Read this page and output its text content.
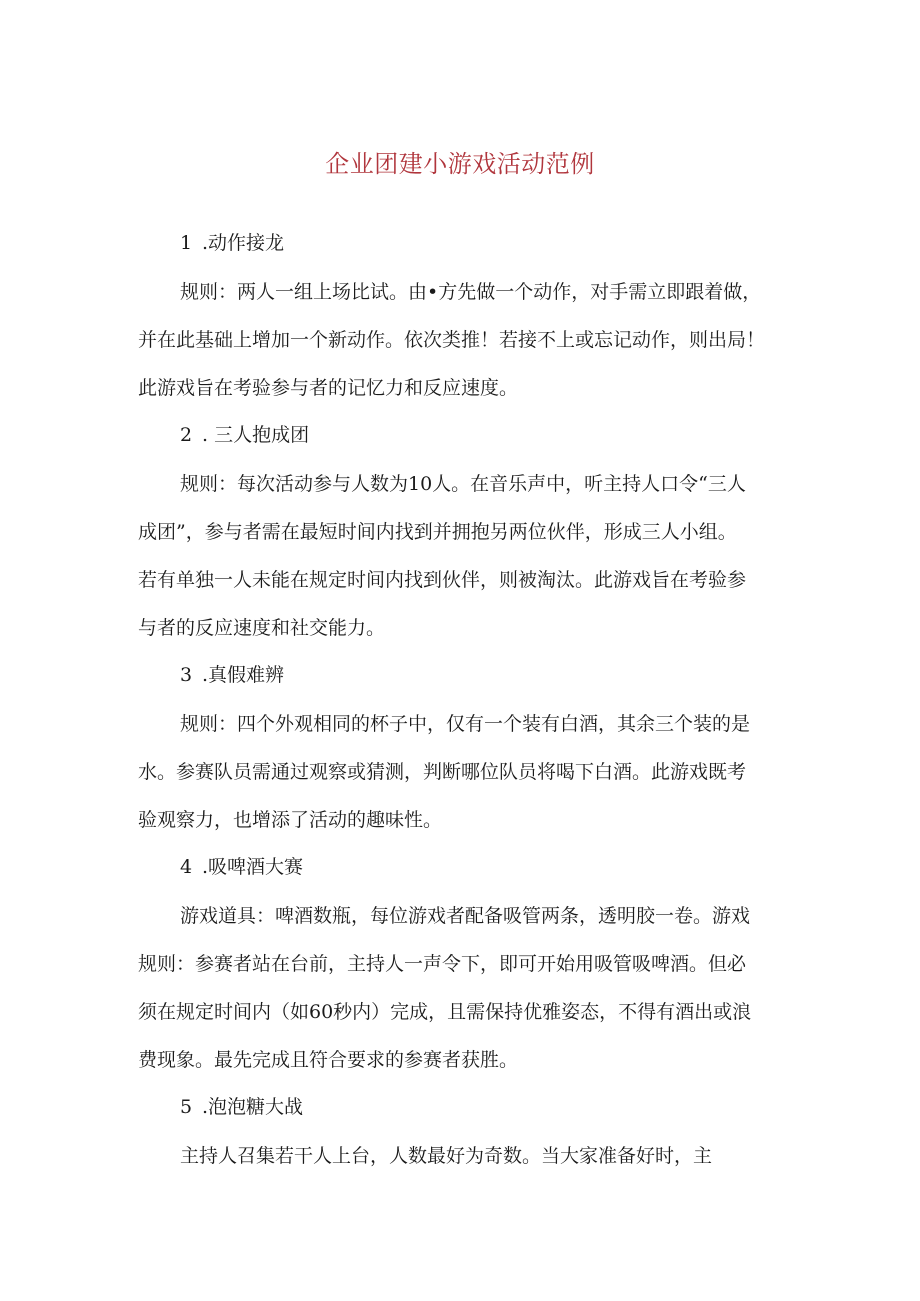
企业团建小游戏活动范例
1 .动作接龙
规则：两人一组上场比试。由•方先做一个动作，对手需立即跟着做，
并在此基础上增加一个新动作。依次类推！若接不上或忘记动作，则出局！
此游戏旨在考验参与者的记忆力和反应速度。
2 . 三人抱成团
规则：每次活动参与人数为10人。在音乐声中，听主持人口令“三人
成团”，参与者需在最短时间内找到并拥抱另两位伙伴，形成三人小组。
若有单独一人未能在规定时间内找到伙伴，则被淘汰。此游戏旨在考验参
与者的反应速度和社交能力。
3 .真假难辨
规则：四个外观相同的杯子中，仅有一个装有白酒，其余三个装的是
水。参赛队员需通过观察或猜测，判断哪位队员将喝下白酒。此游戏既考
验观察力，也增添了活动的趣味性。
4 .吸啤酒大赛
游戏道具：啤酒数瓶，每位游戏者配备吸管两条，透明胶一卷。游戏
规则：参赛者站在台前，主持人一声令下，即可开始用吸管吸啤酒。但必
须在规定时间内（如60秒内）完成，且需保持优雅姿态，不得有酒出或浪
费现象。最先完成且符合要求的参赛者获胜。
5 .泡泡糖大战
主持人召集若干人上台，人数最好为奇数。当大家准备好时，主
